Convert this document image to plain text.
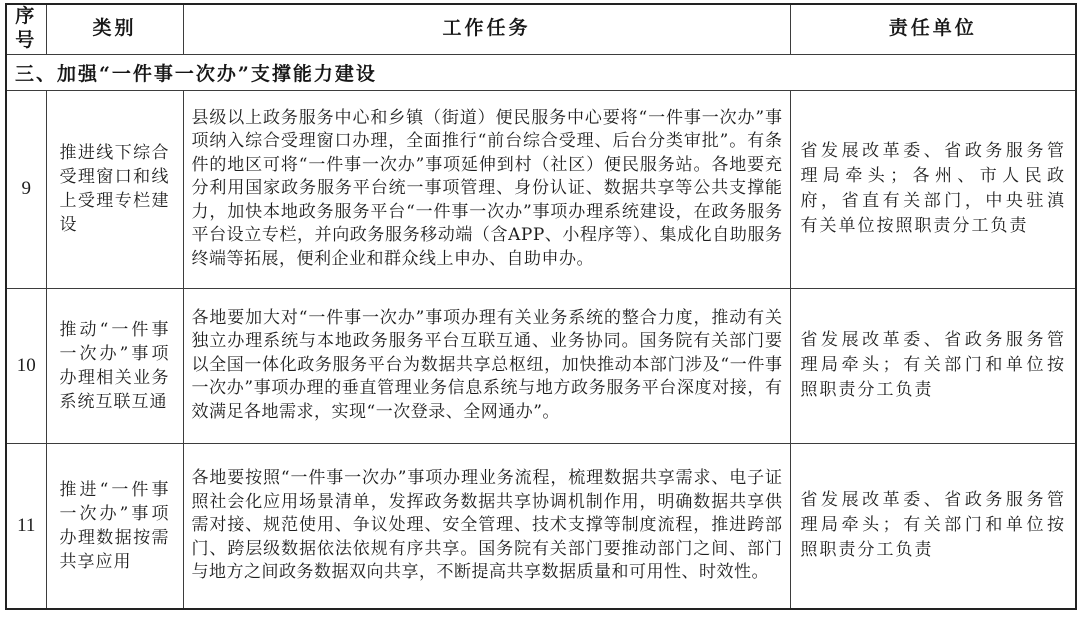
序号	类别	工作任务	责任单位
三、加强“一件事一次办”支撑能力建设			
9	推进线下综合受理窗口和线上受理专栏建设	县级以上政务服务中心和乡镇（街道）便民服务中心要将“一件事一次办”事项纳入综合受理窗口办理，全面推行“前台综合受理、后台分类审批”。有条件的地区可将“一件事一次办”事项延伸到村（社区）便民服务站。各地要充分利用国家政务服务平台统一事项管理、身份认证、数据共享等公共支撑能力，加快本地政务服务平台“一件事一次办”事项办理系统建设，在政务服务平台设立专栏，并向政务服务移动端（含APP、小程序等）、集成化自助服务终端等拓展，便利企业和群众线上申办、自助申办。	省发展改革委、省政务服务管理局牵头；各州、市人民政府，省直有关部门，中央驻滇有关单位按照职责分工负责
10	推动“一件事一次办”事项办理相关业务系统互联互通	各地要加大对“一件事一次办”事项办理有关业务系统的整合力度，推动有关独立办理系统与本地政务服务平台互联互通、业务协同。国务院有关部门要以全国一体化政务服务平台为数据共享总枢纽，加快推动本部门涉及“一件事一次办”事项办理的垂直管理业务信息系统与地方政务服务平台深度对接，有效满足各地需求，实现“一次登录、全网通办”。	省发展改革委、省政务服务管理局牵头；有关部门和单位按照职责分工负责
11	推进“一件事一次办”事项办理数据按需共享应用	各地要按照“一件事一次办”事项办理业务流程，梳理数据共享需求、电子证照社会化应用场景清单，发挥政务数据共享协调机制作用，明确数据共享供需对接、规范使用、争议处理、安全管理、技术支撑等制度流程，推进跨部门、跨层级数据依法依规有序共享。国务院有关部门要推动部门之间、部门与地方之间政务数据双向共享，不断提高共享数据质量和可用性、时效性。	省发展改革委、省政务服务管理局牵头；有关部门和单位按照职责分工负责
